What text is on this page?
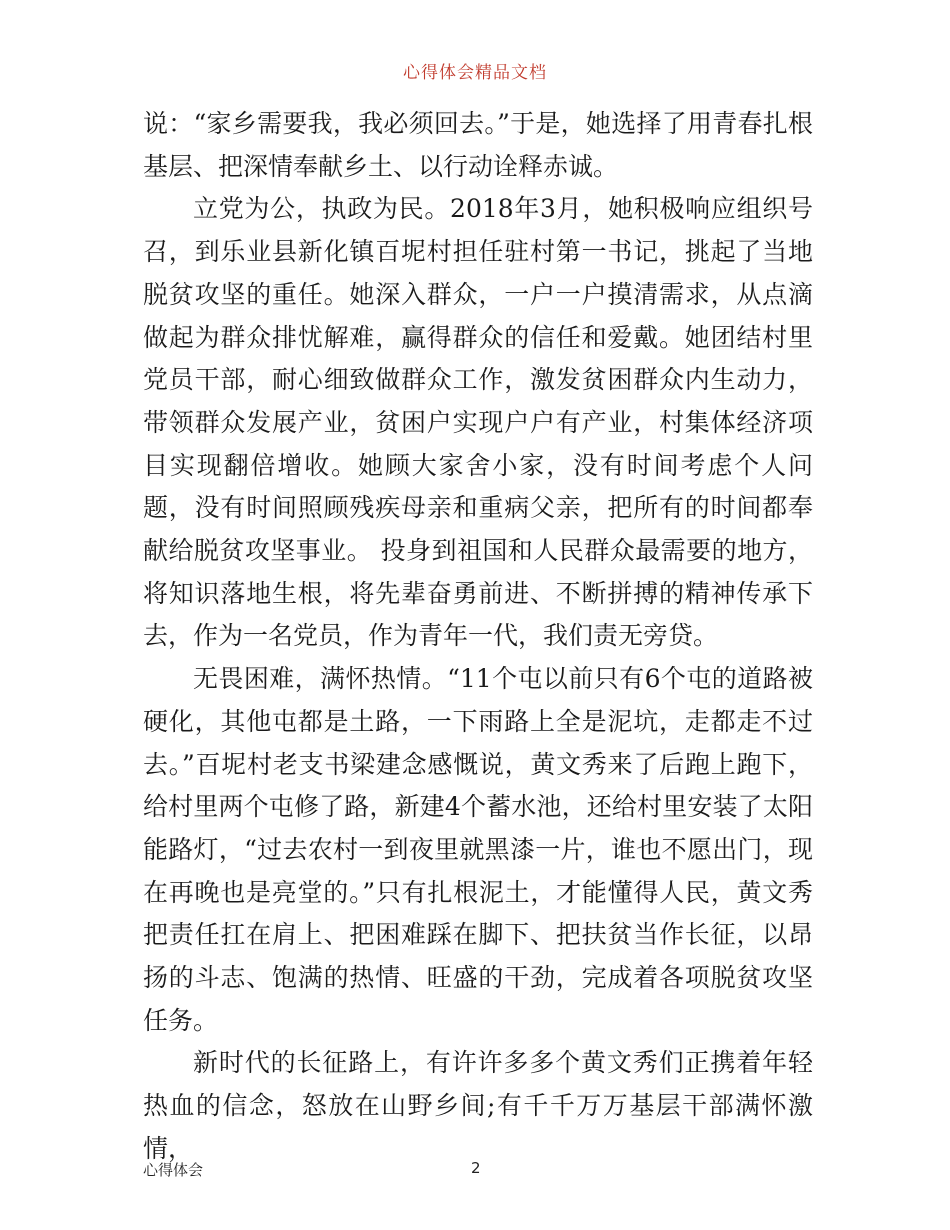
心得体会精品文档

说：“家乡需要我，我必须回去。”于是，她选择了用青春扎根基层、把深情奉献乡土、以行动诠释赤诚。

立党为公，执政为民。2018年3月，她积极响应组织号召，到乐业县新化镇百坭村担任驻村第一书记，挑起了当地脱贫攻坚的重任。她深入群众，一户一户摸清需求，从点滴做起为群众排忧解难，赢得群众的信任和爱戴。她团结村里党员干部，耐心细致做群众工作，激发贫困群众内生动力，带领群众发展产业，贫困户实现户户有产业，村集体经济项目实现翻倍增收。她顾大家舍小家，没有时间考虑个人问题，没有时间照顾残疾母亲和重病父亲，把所有的时间都奉献给脱贫攻坚事业。 投身到祖国和人民群众最需要的地方，将知识落地生根，将先辈奋勇前进、不断拼搏的精神传承下去，作为一名党员，作为青年一代，我们责无旁贷。

无畏困难，满怀热情。“11个屯以前只有6个屯的道路被硬化，其他屯都是土路，一下雨路上全是泥坑，走都走不过去。”百坭村老支书梁建念感慨说，黄文秀来了后跑上跑下，给村里两个屯修了路，新建4个蓄水池，还给村里安装了太阳能路灯，“过去农村一到夜里就黑漆一片，谁也不愿出门，现在再晚也是亮堂的。”只有扎根泥土，才能懂得人民，黄文秀把责任扛在肩上、把困难踩在脚下、把扶贫当作长征，以昂扬的斗志、饱满的热情、旺盛的干劲，完成着各项脱贫攻坚任务。

新时代的长征路上，有许许多多个黄文秀们正携着年轻热血的信念，怒放在山野乡间;有千千万万基层干部满怀激情，

心得体会	2
